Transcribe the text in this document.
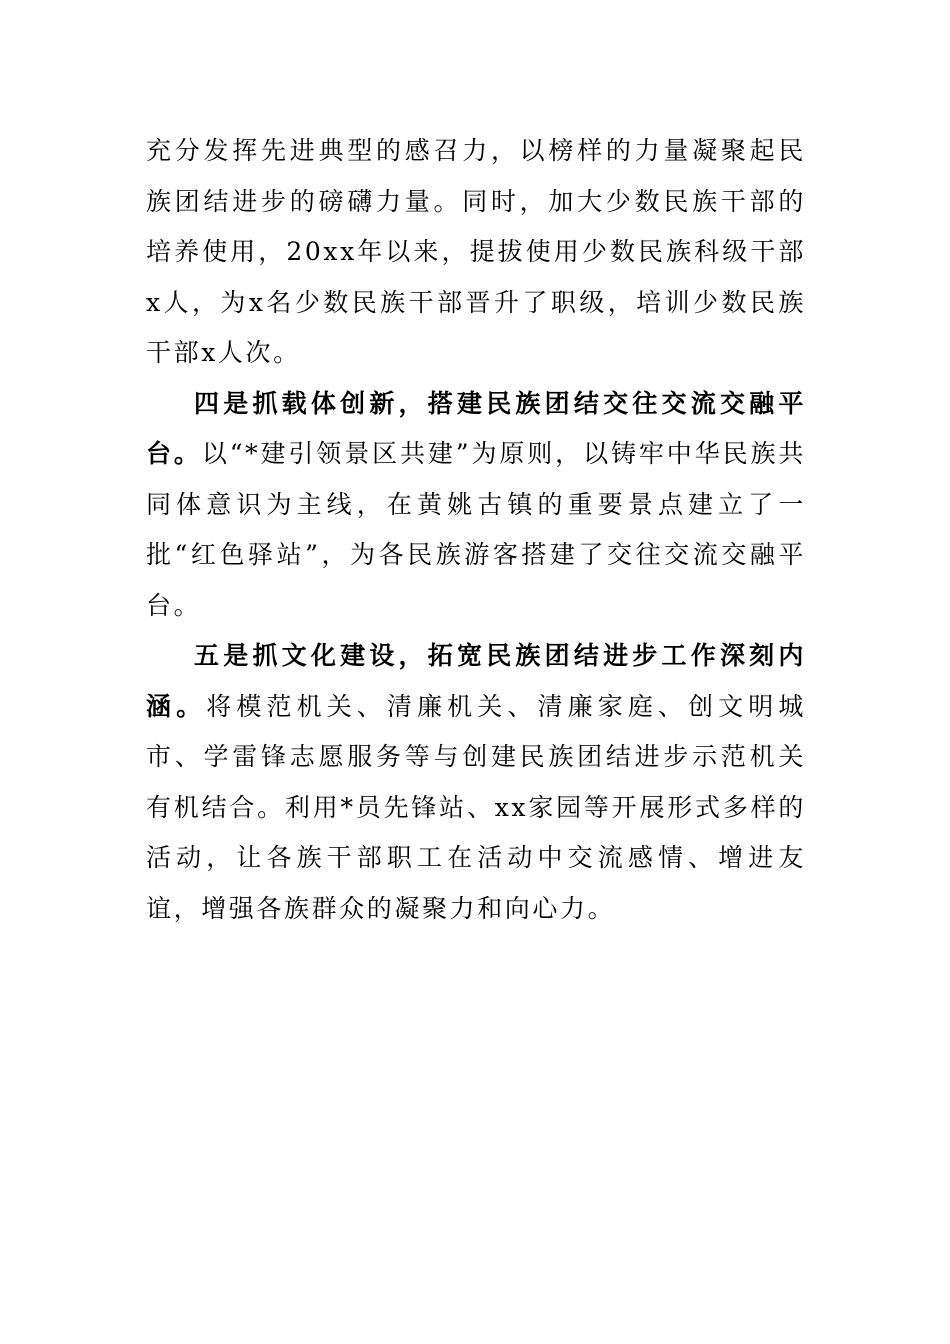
充分发挥先进典型的感召力，以榜样的力量凝聚起民族团结进步的磅礴力量。同时，加大少数民族干部的培养使用，20xx年以来，提拔使用少数民族科级干部x人，为x名少数民族干部晋升了职级，培训少数民族干部x人次。

四是抓载体创新，搭建民族团结交往交流交融平台。以“*建引领景区共建”为原则，以铸牢中华民族共同体意识为主线，在黄姚古镇的重要景点建立了一批“红色驿站”，为各民族游客搭建了交往交流交融平台。

五是抓文化建设，拓宽民族团结进步工作深刻内涵。将模范机关、清廉机关、清廉家庭、创文明城市、学雷锋志愿服务等与创建民族团结进步示范机关有机结合。利用*员先锋站、xx家园等开展形式多样的活动，让各族干部职工在活动中交流感情、增进友谊，增强各族群众的凝聚力和向心力。
